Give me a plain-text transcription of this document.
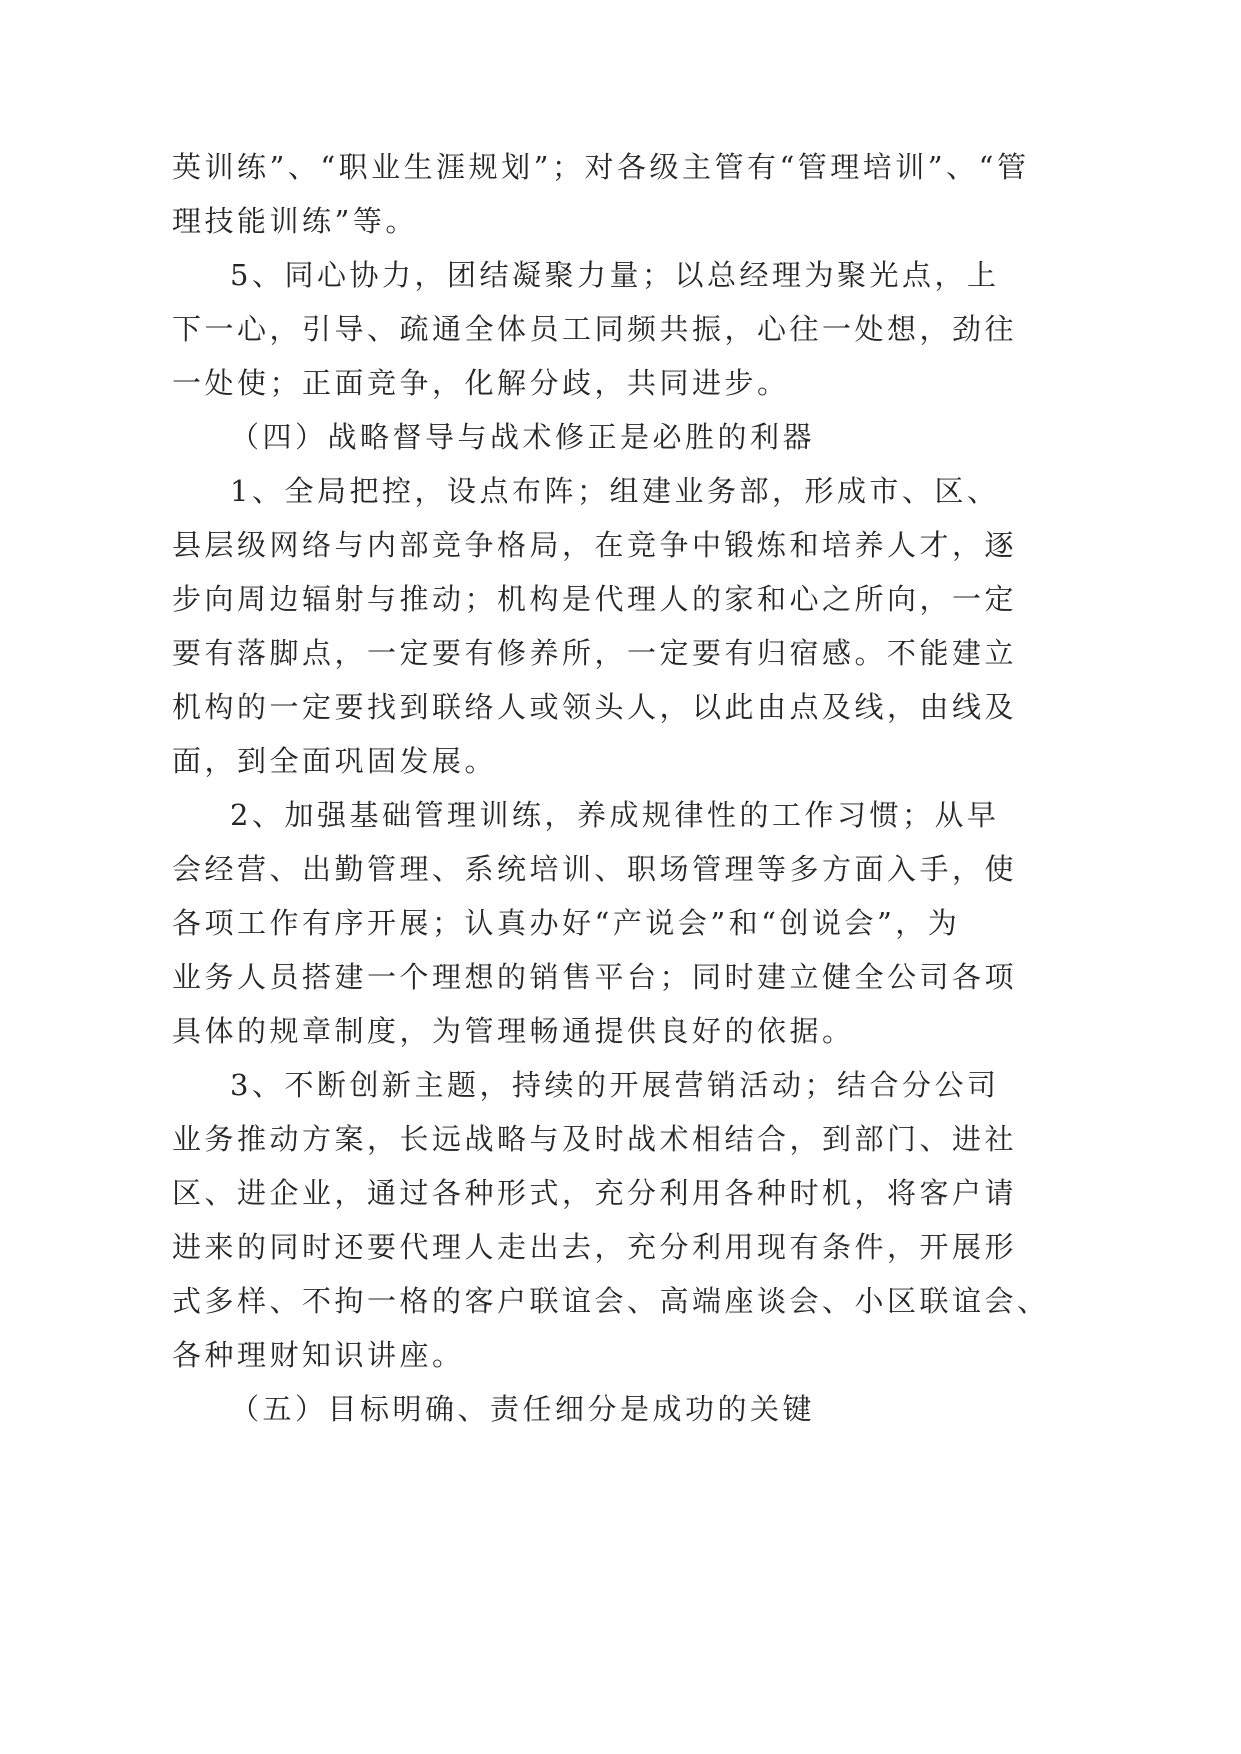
英训练”、“职业生涯规划”；对各级主管有“管理培训”、“管
理技能训练”等。
5、同心协力，团结凝聚力量；以总经理为聚光点，上
下一心，引导、疏通全体员工同频共振，心往一处想，劲往
一处使；正面竞争，化解分歧，共同进步。
（四）战略督导与战术修正是必胜的利器
1、全局把控，设点布阵；组建业务部，形成市、区、
县层级网络与内部竞争格局，在竞争中锻炼和培养人才，逐
步向周边辐射与推动；机构是代理人的家和心之所向，一定
要有落脚点，一定要有修养所，一定要有归宿感。不能建立
机构的一定要找到联络人或领头人，以此由点及线，由线及
面，到全面巩固发展。
2、加强基础管理训练，养成规律性的工作习惯；从早
会经营、出勤管理、系统培训、职场管理等多方面入手，使
各项工作有序开展；认真办好“产说会”和“创说会”，为
业务人员搭建一个理想的销售平台；同时建立健全公司各项
具体的规章制度，为管理畅通提供良好的依据。
3、不断创新主题，持续的开展营销活动；结合分公司
业务推动方案，长远战略与及时战术相结合，到部门、进社
区、进企业，通过各种形式，充分利用各种时机，将客户请
进来的同时还要代理人走出去，充分利用现有条件，开展形
式多样、不拘一格的客户联谊会、高端座谈会、小区联谊会、
各种理财知识讲座。
（五）目标明确、责任细分是成功的关键
